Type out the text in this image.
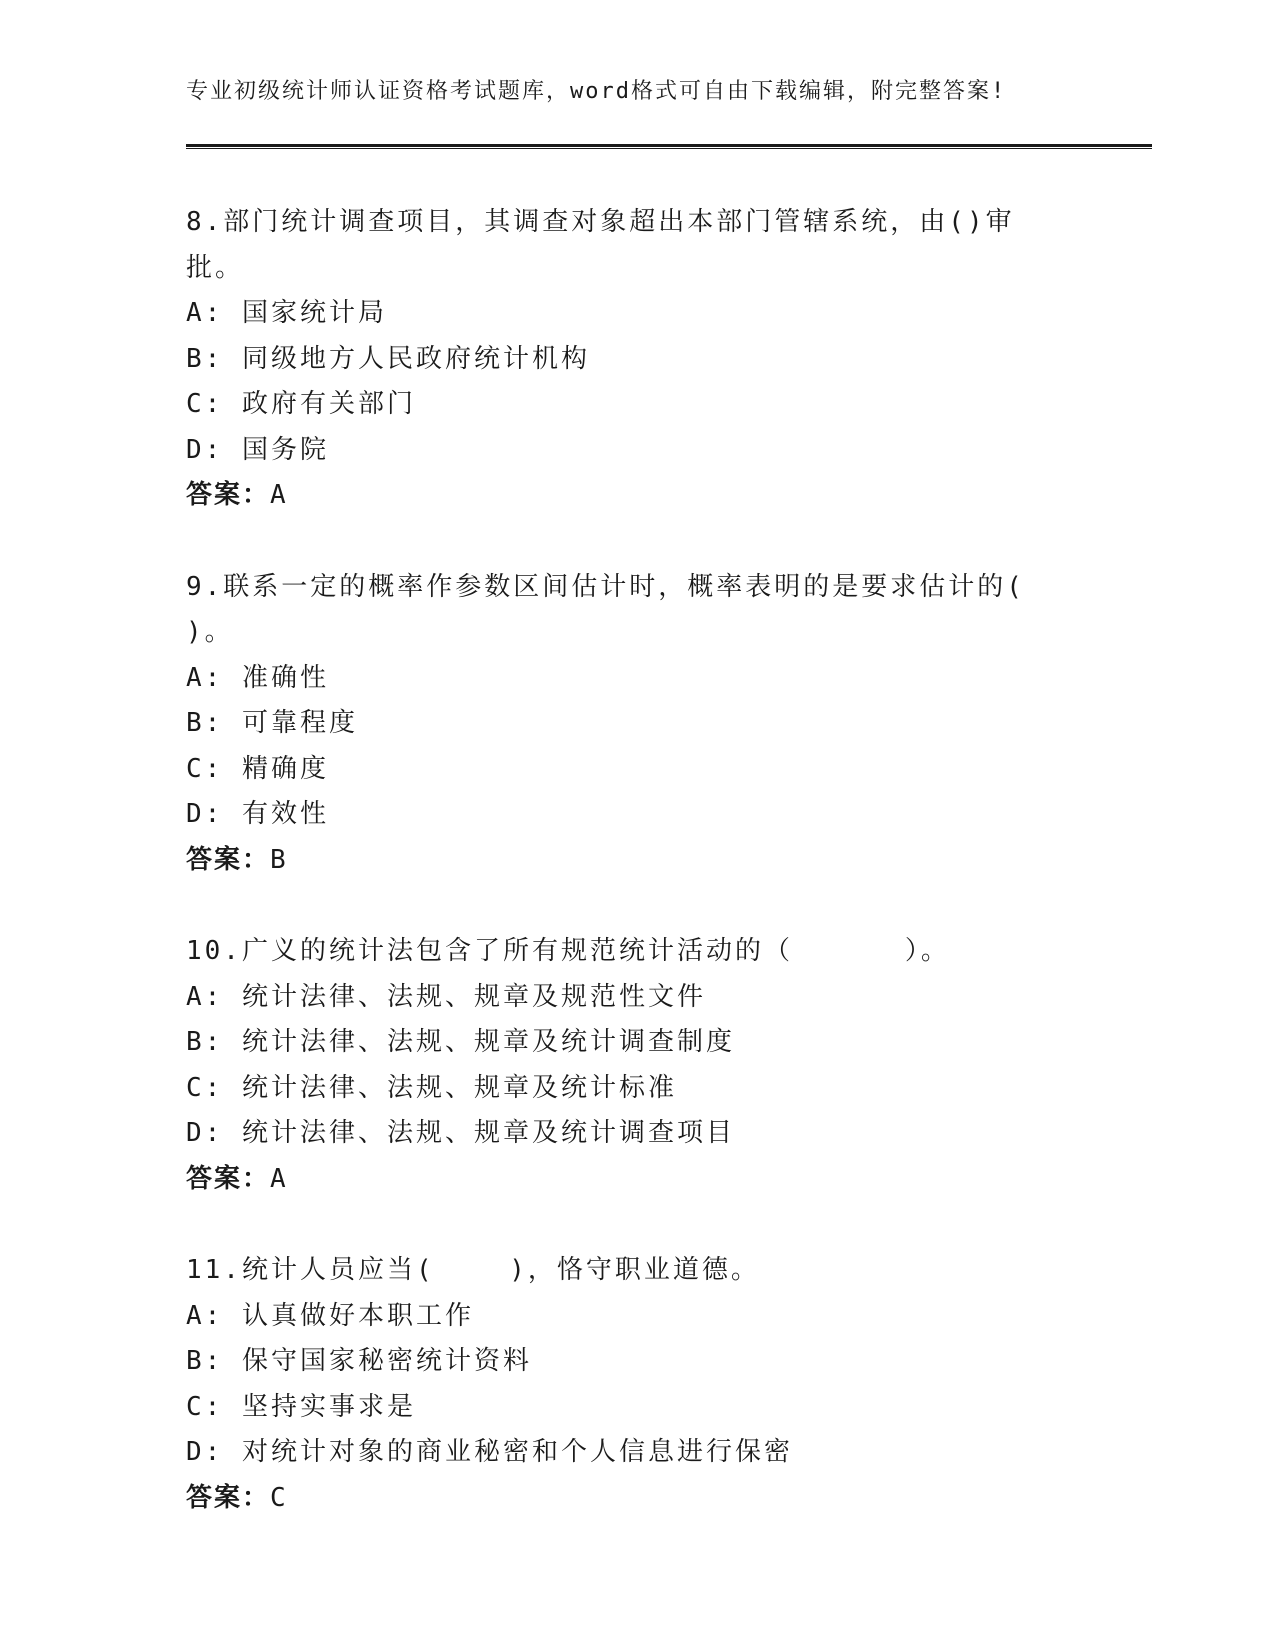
专业初级统计师认证资格考试题库，word格式可自由下载编辑，附完整答案!

8.部门统计调查项目，其调查对象超出本部门管辖系统，由()审批。

A: 国家统计局

B: 同级地方人民政府统计机构

C: 政府有关部门

D: 国务院

答案：A

9.联系一定的概率作参数区间估计时，概率表明的是要求估计的(
)。

A: 准确性

B: 可靠程度

C: 精确度

D: 有效性

答案：B

10.广义的统计法包含了所有规范统计活动的（      ）。

A: 统计法律、法规、规章及规范性文件

B: 统计法律、法规、规章及统计调查制度

C: 统计法律、法规、规章及统计标准

D: 统计法律、法规、规章及统计调查项目

答案：A

11.统计人员应当(    )，恪守职业道德。

A: 认真做好本职工作

B: 保守国家秘密统计资料

C: 坚持实事求是

D: 对统计对象的商业秘密和个人信息进行保密

答案：C
